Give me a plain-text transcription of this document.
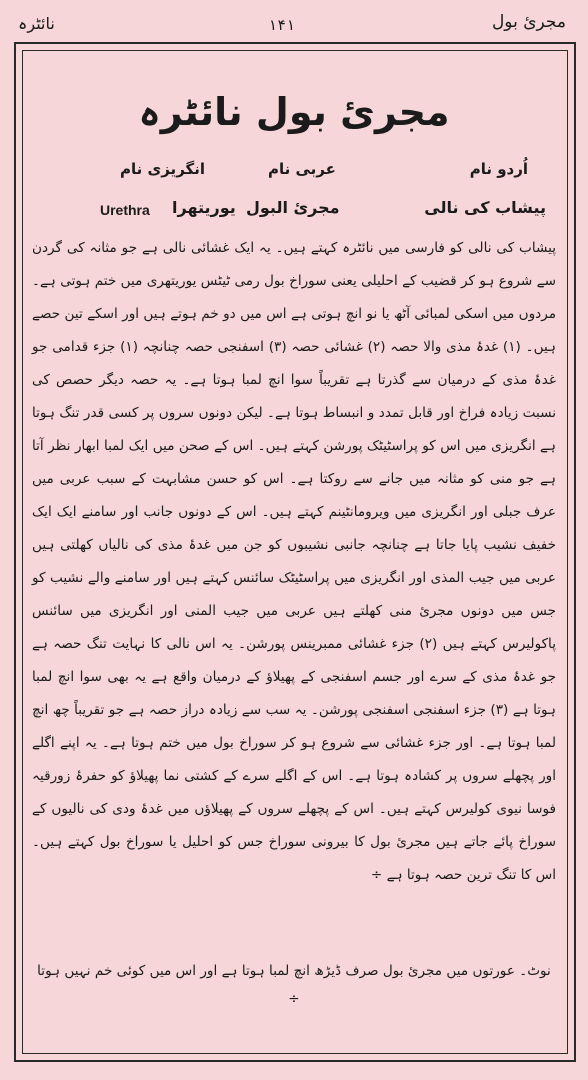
نائٹرہ	۱۴۱	مجرئ بول
مجرئ بول نائٹرہ
اُردو نام
عربی نام
انگریزی نام
پیشاب کی نالی
مجرئ البول
یوریتھرا
Urethra

پیشاب کی نالی کو فارسی میں نائٹرہ کہتے ہیں۔ یہ ایک غشائی نالی ہے جو مثانہ کی گردن سے شروع ہو کر قضیب کے احلیلی یعنی سوراخ بول رمی ٹیٹس یوریتھری میں ختم ہوتی ہے۔ مردوں میں اسکی لمبائی آٹھ یا نو انچ ہوتی ہے اس میں دو خم ہوتے ہیں اور اسکے تین حصے ہیں۔ (۱) غدۂ مذی والا حصہ (۲) غشائی حصہ (۳) اسفنجی حصہ چنانچہ (۱) جزء قدامی جو غدۂ مذی کے درمیان سے گذرتا ہے تقریباً سوا انچ لمبا ہوتا ہے۔ یہ حصہ دیگر حصص کی نسبت زیادہ فراخ اور قابل تمدد و انبساط ہوتا ہے۔ لیکن دونوں سروں پر کسی قدر تنگ ہوتا ہے انگریزی میں اس کو پراسٹیٹک پورشن کہتے ہیں۔ اس کے صحن میں ایک لمبا ابھار نظر آتا ہے جو منی کو مثانہ میں جانے سے روکتا ہے۔ اس کو حسن مشابہت کے سبب عربی میں عرف جبلی اور انگریزی میں ویرومانٹینم کہتے ہیں۔ اس کے دونوں جانب اور سامنے ایک ایک خفیف نشیب پایا جاتا ہے چنانچہ جانبی نشیبوں کو جن میں غدۂ مذی کی نالیاں کھلتی ہیں عربی میں جیب المذی اور انگریزی میں پراسٹیٹک سائنس کہتے ہیں اور سامنے والے نشیب کو جس میں دونوں مجرئ منی کھلتے ہیں عربی میں جیب المنی اور انگریزی میں سائنس پاکولیرس کہتے ہیں (۲) جزء غشائی ممبرینس پورشن۔ یہ اس نالی کا نہایت تنگ حصہ ہے جو غدۂ مذی کے سرے اور جسم اسفنجی کے پھیلاؤ کے درمیان واقع ہے یہ بھی سوا انچ لمبا ہوتا ہے (۳) جزء اسفنجی اسفنجی پورشن۔ یہ سب سے زیادہ دراز حصہ ہے جو تقریباً چھ انچ لمبا ہوتا ہے۔ اور جزء غشائی سے شروع ہو کر سوراخ بول میں ختم ہوتا ہے۔ یہ اپنے اگلے اور پچھلے سروں پر کشادہ ہوتا ہے۔ اس کے اگلے سرے کے کشتی نما پھیلاؤ کو حفرۂ زورقیہ فوسا نیوی کولیرس کہتے ہیں۔ اس کے پچھلے سروں کے پھیلاؤں میں غدۂ ودی کی نالیوں کے سوراخ پائے جاتے ہیں مجرئ بول کا بیرونی سوراخ جس کو احلیل یا سوراخ بول کہتے ہیں۔ اس کا تنگ ترین حصہ ہوتا ہے ÷

نوٹ۔ عورتوں میں مجرئ بول صرف ڈیڑھ انچ لمبا ہوتا ہے اور اس میں کوئی خم نہیں ہوتا ÷
